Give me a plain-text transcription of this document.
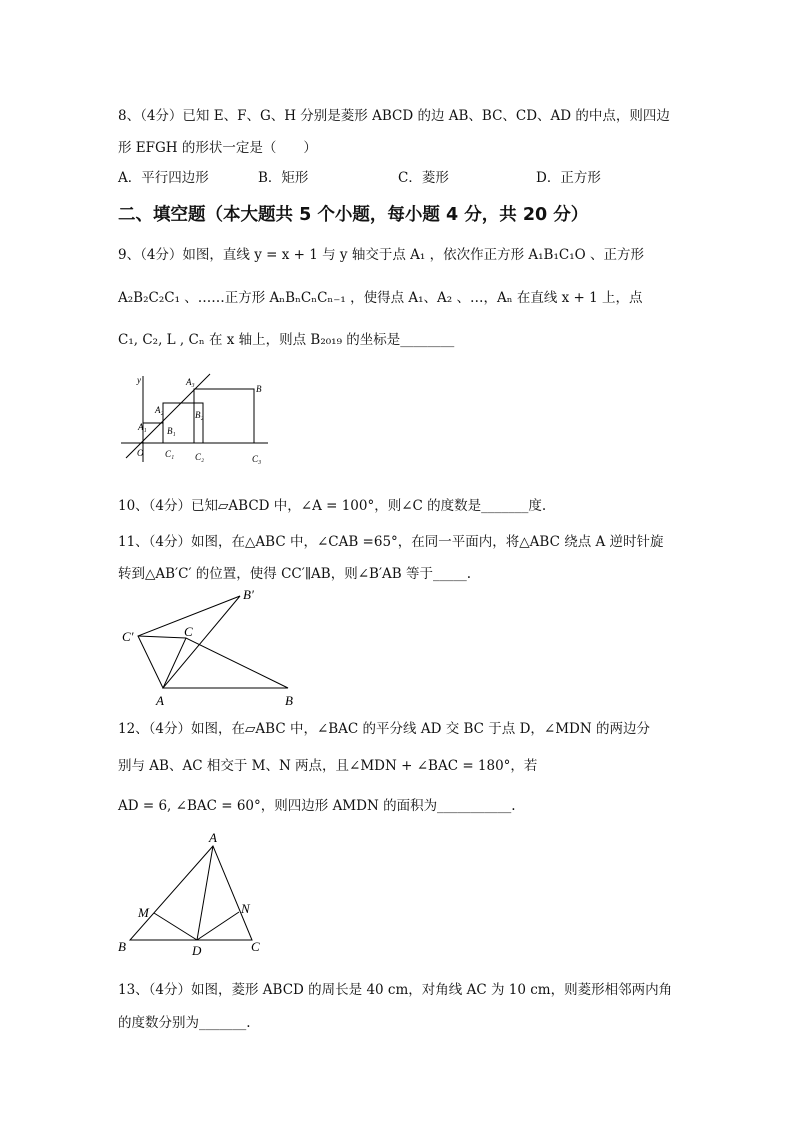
8、（4分）已知 E、F、G、H 分别是菱形 ABCD 的边 AB、BC、CD、AD 的中点，则四边
形 EFGH 的形状一定是（　　）
A．平行四边形	B．矩形	C．菱形	D．正方形
二、填空题（本大题共 5 个小题，每小题 4 分，共 20 分）
9、（4分）如图，直线 y = x + 1 与 y 轴交于点 A₁ ，依次作正方形 A₁B₁C₁O 、正方形
A₂B₂C₂C₁ 、……正方形 AₙBₙCₙCₙ₋₁ ，使得点 A₁、A₂ 、…，Aₙ 在直线 x + 1 上，点
C₁, C₂, L , Cₙ 在 x 轴上，则点 B₂₀₁₉ 的坐标是________
y	A₃
B
A₂	B₂
A₁ B₁
O C₁ C₂	C₃
10、（4分）已知▱ABCD 中，∠A = 100°，则∠C 的度数是_______度.
11、（4分）如图，在△ABC 中，∠CAB =65°，在同一平面内，将△ABC 绕点 A 逆时针旋
转到△AB′C′ 的位置，使得 CC′∥AB，则∠B′AB 等于_____.
B′
C′	C
A	B
12、（4分）如图，在▱ABC 中，∠BAC 的平分线 AD 交 BC 于点 D，∠MDN 的两边分
别与 AB、AC 相交于 M、N 两点，且∠MDN + ∠BAC = 180°，若
AD = 6, ∠BAC = 60°，则四边形 AMDN 的面积为___________.
A
M	N
B	D	C
13、（4分）如图，菱形 ABCD 的周长是 40 cm，对角线 AC 为 10 cm，则菱形相邻两内角
的度数分别为_______.
